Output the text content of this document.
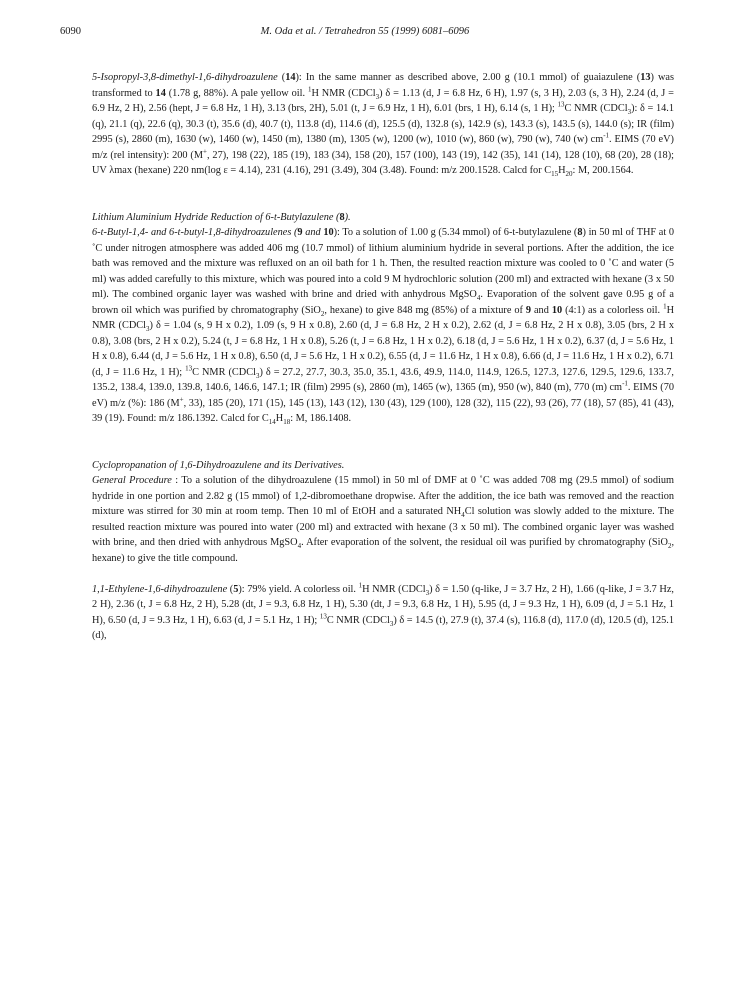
6090	M. Oda et al. / Tetrahedron 55 (1999) 6081–6096

5-Isopropyl-3,8-dimethyl-1,6-dihydroazulene (14): In the same manner as described above, 2.00 g (10.1 mmol) of guaiazulene (13) was transformed to 14 (1.78 g, 88%). A pale yellow oil. $^1$H NMR (CDCl$_3$) δ = 1.13 (d, J = 6.8 Hz, 6 H), 1.97 (s, 3 H), 2.03 (s, 3 H), 2.24 (d, J = 6.9 Hz, 2 H), 2.56 (hept, J = 6.8 Hz, 1 H), 3.13 (brs, 2H), 5.01 (t, J = 6.9 Hz, 1 H), 6.01 (brs, 1 H), 6.14 (s, 1 H); $^{13}$C NMR (CDCl$_3$): δ = 14.1 (q), 21.1 (q), 22.6 (q), 30.3 (t), 35.6 (d), 40.7 (t), 113.8 (d), 114.6 (d), 125.5 (d), 132.8 (s), 142.9 (s), 143.3 (s), 143.5 (s), 144.0 (s); IR (film) 2995 (s), 2860 (m), 1630 (w), 1460 (w), 1450 (m), 1380 (m), 1305 (w), 1200 (w), 1010 (w), 860 (w), 790 (w), 740 (w) $cm^{-1}$. EIMS (70 eV) m/z (rel intensity): 200 (M+, 27), 198 (22), 185 (19), 183 (34), 158 (20), 157 (100), 143 (19), 142 (35), 141 (14), 128 (10), 68 (20), 28 (18); UV λmax (hexane) 220 nm(log ε = 4.14), 231 (4.16), 291 (3.49), 304 (3.48). Found: m/z 200.1528. Calcd for $C_{15}H_{20}$: M, 200.1564.

Lithium Aluminium Hydride Reduction of 6-t-Butylazulene (8).

6-t-Butyl-1,4- and 6-t-butyl-1,8-dihydroazulenes (9 and 10): To a solution of 1.00 g (5.34 mmol) of 6-t-butylazulene (8) in 50 ml of THF at 0 ˚C under nitrogen atmosphere was added 406 mg (10.7 mmol) of lithium aluminium hydride in several portions. After the addition, the ice bath was removed and the mixture was refluxed on an oil bath for 1 h. Then, the resulted reaction mixture was cooled to 0 ˚C and water (5 ml) was added carefully to this mixture, which was poured into a cold 9 M hydrochloric solution (200 ml) and extracted with hexane (3 x 50 ml). The combined organic layer was washed with brine and dried with anhydrous MgSO$_4$. Evaporation of the solvent gave 0.95 g of a brown oil which was purified by chromatography (SiO$_2$, hexane) to give 848 mg (85%) of a mixture of 9 and 10 (4:1) as a colorless oil. $^1$H NMR (CDCl$_3$) δ = 1.04 (s, 9 H x 0.2), 1.09 (s, 9 H x 0.8), 2.60 (d, J = 6.8 Hz, 2 H x 0.2), 2.62 (d, J = 6.8 Hz, 2 H x 0.8), 3.05 (brs, 2 H x 0.8), 3.08 (brs, 2 H x 0.2), 5.24 (t, J = 6.8 Hz, 1 H x 0.8), 5.26 (t, J = 6.8 Hz, 1 H x 0.2), 6.18 (d, J = 5.6 Hz, 1 H x 0.2), 6.37 (d, J = 5.6 Hz, 1 H x 0.8), 6.44 (d, J = 5.6 Hz, 1 H x 0.8), 6.50 (d, J = 5.6 Hz, 1 H x 0.2), 6.55 (d, J = 11.6 Hz, 1 H x 0.8), 6.66 (d, J = 11.6 Hz, 1 H x 0.2), 6.71 (d, J = 11.6 Hz, 1 H); $^{13}$C NMR (CDCl$_3$) δ = 27.2, 27.7, 30.3, 35.0, 35.1, 43.6, 49.9, 114.0, 114.9, 126.5, 127.3, 127.6, 129.5, 129.6, 133.7, 135.2, 138.4, 139.0, 139.8, 140.6, 146.6, 147.1; IR (film) 2995 (s), 2860 (m), 1465 (w), 1365 (m), 950 (w), 840 (m), 770 (m) $cm^{-1}$. EIMS (70 eV) m/z (%): 186 (M+, 33), 185 (20), 171 (15), 145 (13), 143 (12), 130 (43), 129 (100), 128 (32), 115 (22), 93 (26), 77 (18), 57 (85), 41 (43), 39 (19). Found: m/z 186.1392. Calcd for $C_{14}H_{18}$: M, 186.1408.

Cyclopropanation of 1,6-Dihydroazulene and its Derivatives.

General Procedure : To a solution of the dihydroazulene (15 mmol) in 50 ml of DMF at 0 ˚C was added 708 mg (29.5 mmol) of sodium hydride in one portion and 2.82 g (15 mmol) of 1,2-dibromoethane dropwise. After the addition, the ice bath was removed and the reaction mixture was stirred for 30 min at room temp. Then 10 ml of EtOH and a saturated $NH_4Cl$ solution was slowly added to the mixture. The resulted reaction mixture was poured into water (200 ml) and extracted with hexane (3 x 50 ml). The combined organic layer was washed with brine, and then dried with anhydrous MgSO$_4$. After evaporation of the solvent, the residual oil was purified by chromatography (SiO$_2$, hexane) to give the title compound.

1,1-Ethylene-1,6-dihydroazulene (5): 79% yield. A colorless oil. $^1$H NMR (CDCl$_3$) δ = 1.50 (q-like, J = 3.7 Hz, 2 H), 1.66 (q-like, J = 3.7 Hz, 2 H), 2.36 (t, J = 6.8 Hz, 2 H), 5.28 (dt, J = 9.3, 6.8 Hz, 1 H), 5.30 (dt, J = 9.3, 6.8 Hz, 1 H), 5.95 (d, J = 9.3 Hz, 1 H), 6.09 (d, J = 5.1 Hz, 1 H), 6.50 (d, J = 9.3 Hz, 1 H), 6.63 (d, J = 5.1 Hz, 1 H); $^{13}$C NMR (CDCl$_3$) δ = 14.5 (t), 27.9 (t), 37.4 (s), 116.8 (d), 117.0 (d), 120.5 (d), 125.1 (d),
